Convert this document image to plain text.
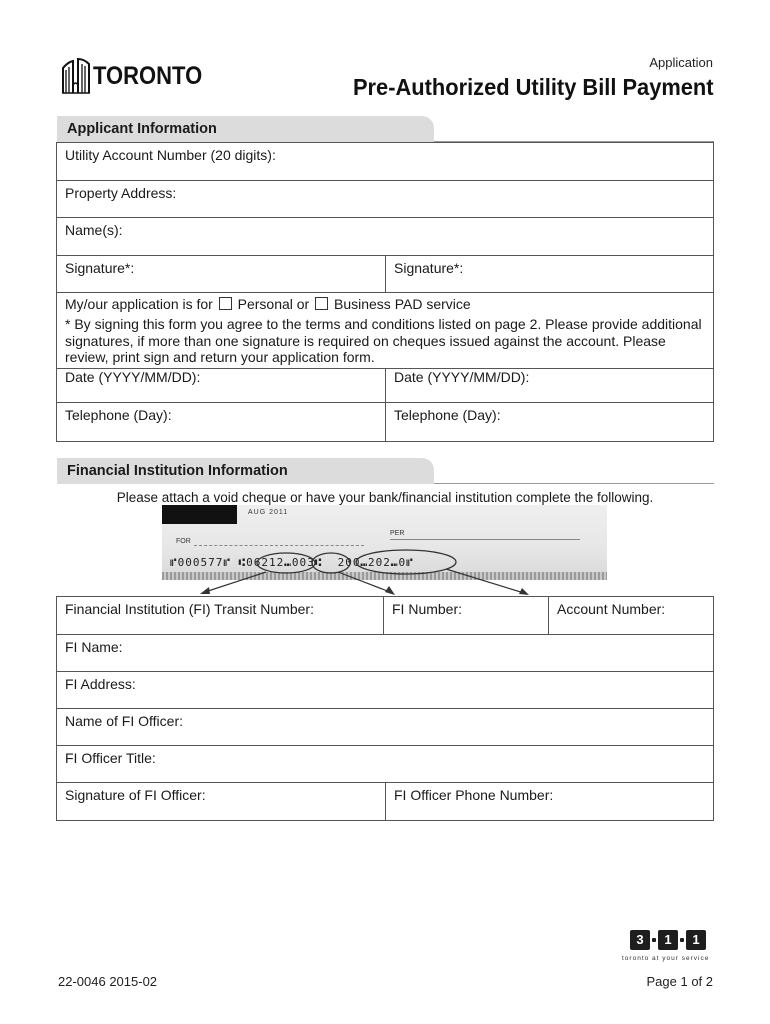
TORONTO	Application
Pre-Authorized Utility Bill Payment
Applicant Information
Utility Account Number (20 digits):
Property Address:
Name(s):
Signature*:	Signature*:
My/our application is for Personal or Business PAD service
* By signing this form you agree to the terms and conditions listed on page 2. Please provide additional signatures, if more than one signature is required on cheques issued against the account. Please review, print sign and return your application form.
Date (YYYY/MM/DD):	Date (YYYY/MM/DD):
Telephone (Day):	Telephone (Day):
Financial Institution Information
Please attach a void cheque or have your bank/financial institution complete the following.
AUG 2011
PER
FOR
⑈000577⑈ ⑆06212⑉003⑆  200⑉202⑉0⑈
Financial Institution (FI) Transit Number:	FI Number:	Account Number:
FI Name:
FI Address:
Name of FI Officer:
FI Officer Title:
Signature of FI Officer:	FI Officer Phone Number:
3	1	1
toronto at your service
22-0046 2015-02	Page 1 of 2
